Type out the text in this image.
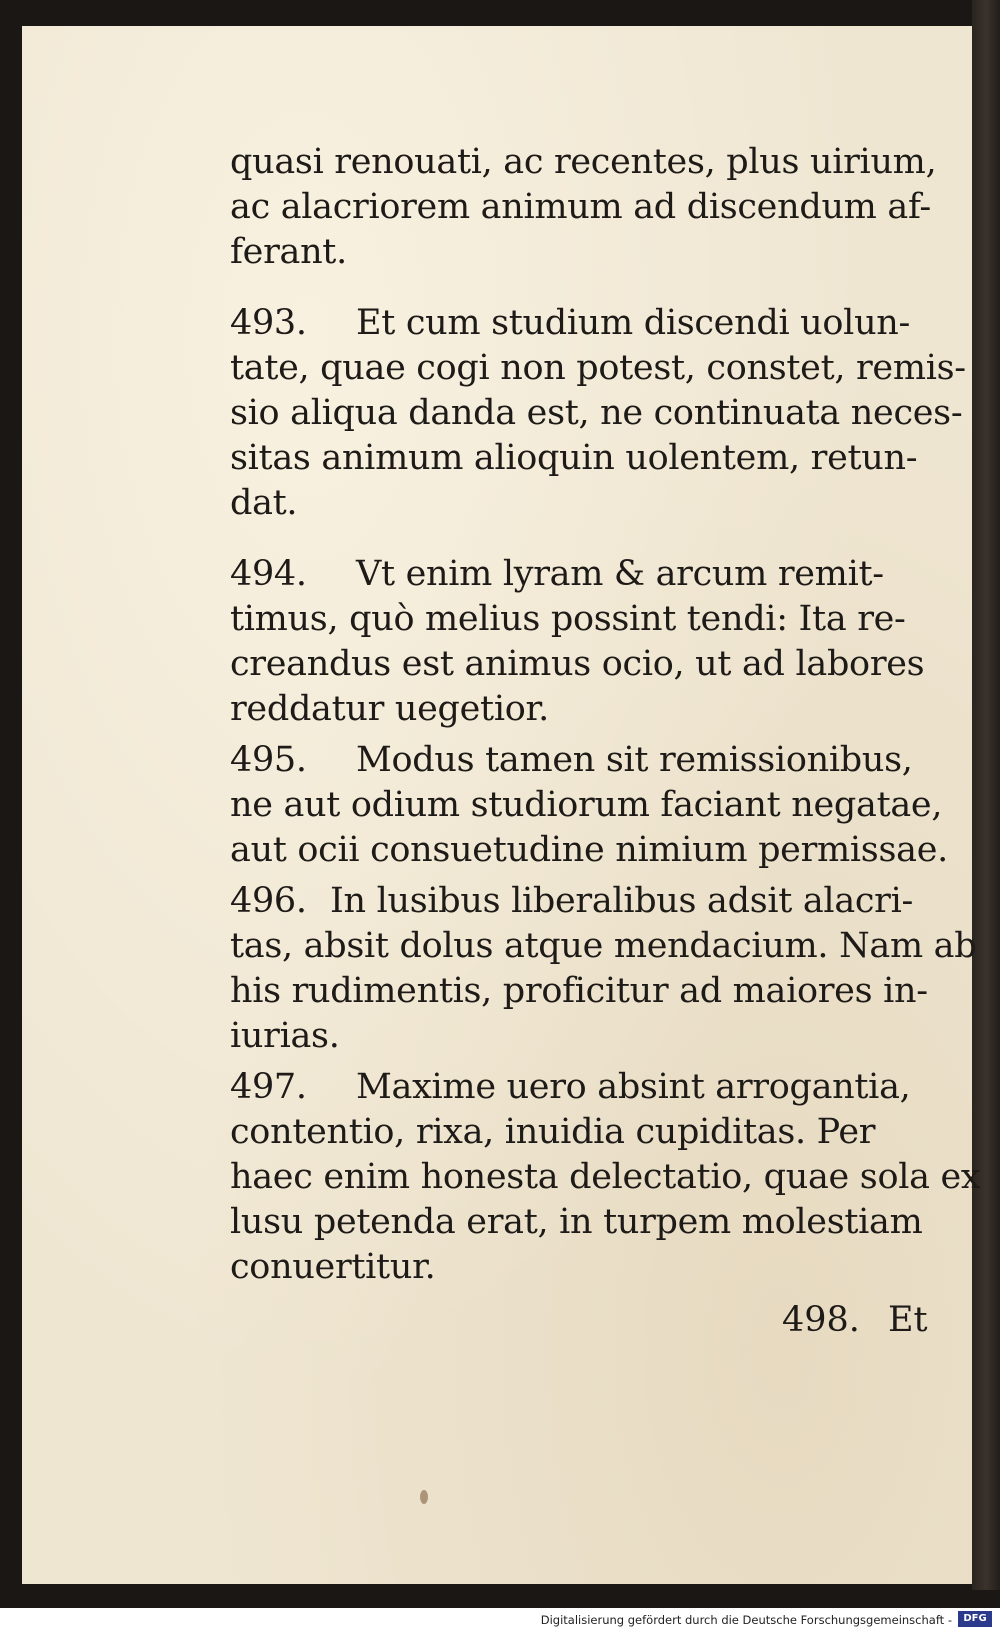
quasi renouati, ac recentes, plus uirium,
ac alacriorem animum ad discendum af-
ferant.
493. Et cum studium discendi uolun-
tate, quae cogi non potest, constet, remis-
sio aliqua danda est, ne continuata neces-
sitas animum alioquin uolentem, retun-
dat.
494. Vt enim lyram & arcum remit-
timus, quò melius possint tendi: Ita re-
creandus est animus ocio, ut ad labores
reddatur uegetior.
495. Modus tamen sit remissionibus,
ne aut odium studiorum faciant negatae,
aut ocii consuetudine nimium permissae.
496. In lusibus liberalibus adsit alacri-
tas, absit dolus atque mendacium. Nam ab
his rudimentis, proficitur ad maiores in-
iurias.
497. Maxime uero absint arrogantia,
contentio, rixa, inuidia cupiditas. Per
haec enim honesta delectatio, quae sola ex
lusu petenda erat, in turpem molestiam
conuertitur.
498. Et
Digitalisierung gefördert durch die Deutsche Forschungsgemeinschaft -	DFG
